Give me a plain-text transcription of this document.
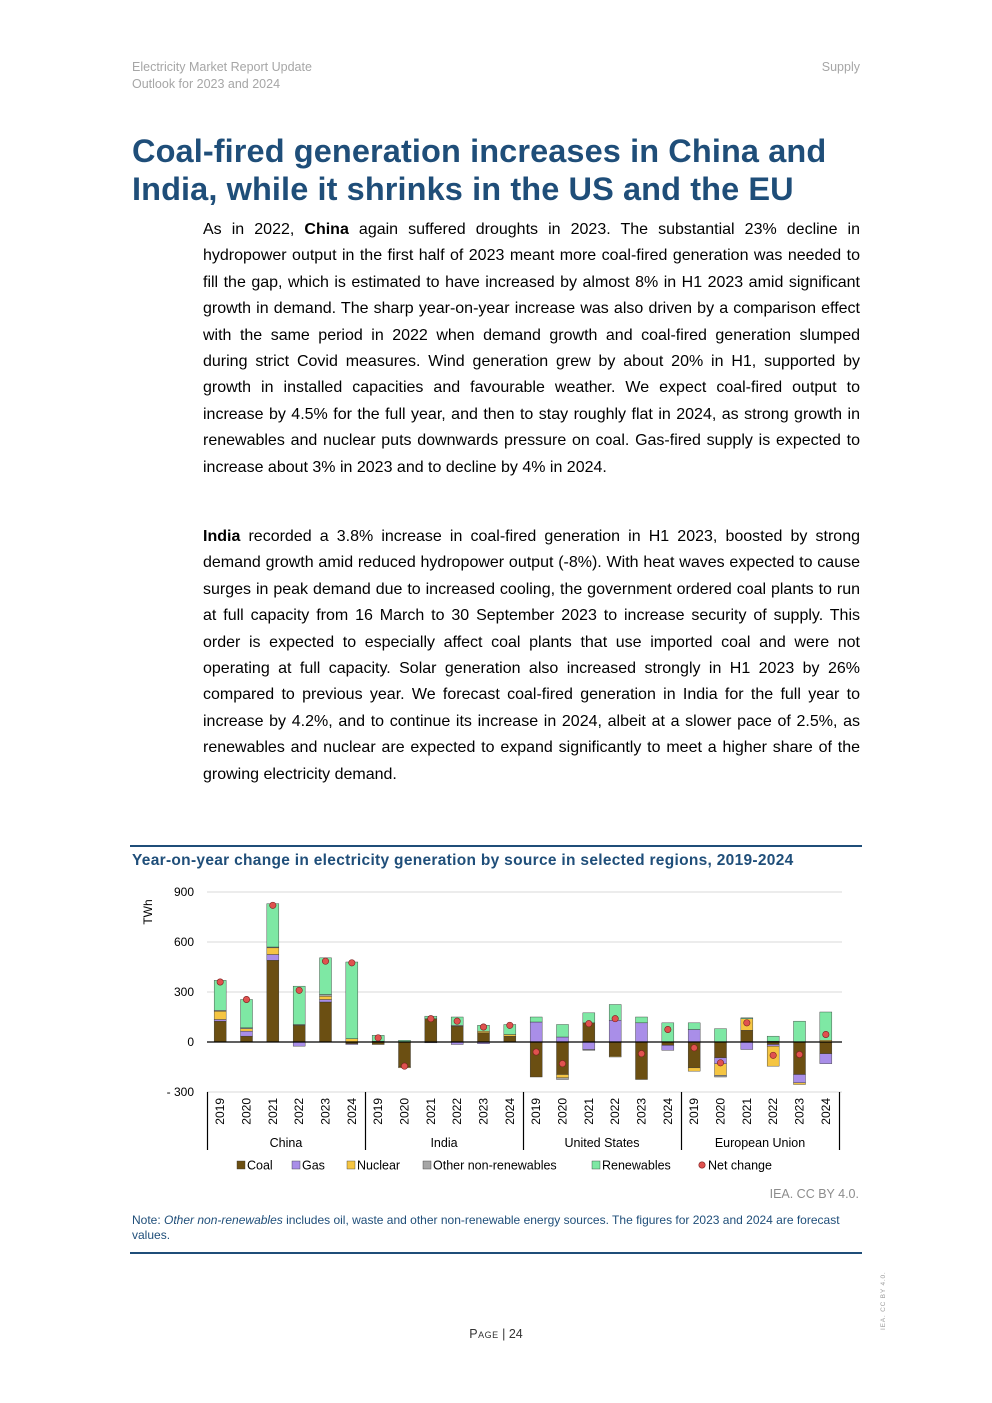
Electricity Market Report Update
Outlook for 2023 and 2024
Supply
Coal-fired generation increases in China and India, while it shrinks in the US and the EU

As in 2022, China again suffered droughts in 2023. The substantial 23% decline in hydropower output in the first half of 2023 meant more coal-fired generation was needed to fill the gap, which is estimated to have increased by almost 8% in H1 2023 amid significant growth in demand. The sharp year-on-year increase was also driven by a comparison effect with the same period in 2022 when demand growth and coal-fired generation slumped during strict Covid measures. Wind generation grew by about 20% in H1, supported by growth in installed capacities and favourable weather. We expect coal-fired output to increase by 4.5% for the full year, and then to stay roughly flat in 2024, as strong growth in renewables and nuclear puts downwards pressure on coal. Gas-fired supply is expected to increase about 3% in 2023 and to decline by 4% in 2024.

India recorded a 3.8% increase in coal-fired generation in H1 2023, boosted by strong demand growth amid reduced hydropower output (-8%). With heat waves expected to cause surges in peak demand due to increased cooling, the government ordered coal plants to run at full capacity from 16 March to 30 September 2023 to increase security of supply. This order is expected to especially affect coal plants that use imported coal and were not operating at full capacity. Solar generation also increased strongly in H1 2023 by 26% compared to previous year. We forecast coal-fired generation in India for the full year to increase by 4.2%, and to continue its increase in 2024, albeit at a slower pace of 2.5%, as renewables and nuclear are expected to expand significantly to meet a higher share of the growing electricity demand.

Year-on-year change in electricity generation by source in selected regions, 2019-2024
- 300
0
300
600
900
TWh
2019 2020 2021 2022 2023 2024
China
2019 2020 2021 2022 2023 2024
India
2019 2020 2021 2022 2023 2024
United States
2019 2020 2021 2022 2023 2024
European Union
Coal Gas	Nuclear	Other non-renewables	Renewables	Net change
IEA. CC BY 4.0.
Note: Other non-renewables includes oil, waste and other non-renewable energy sources. The figures for 2023 and 2024 are forecast values.
Page | 24
IEA. CC BY 4.0.
